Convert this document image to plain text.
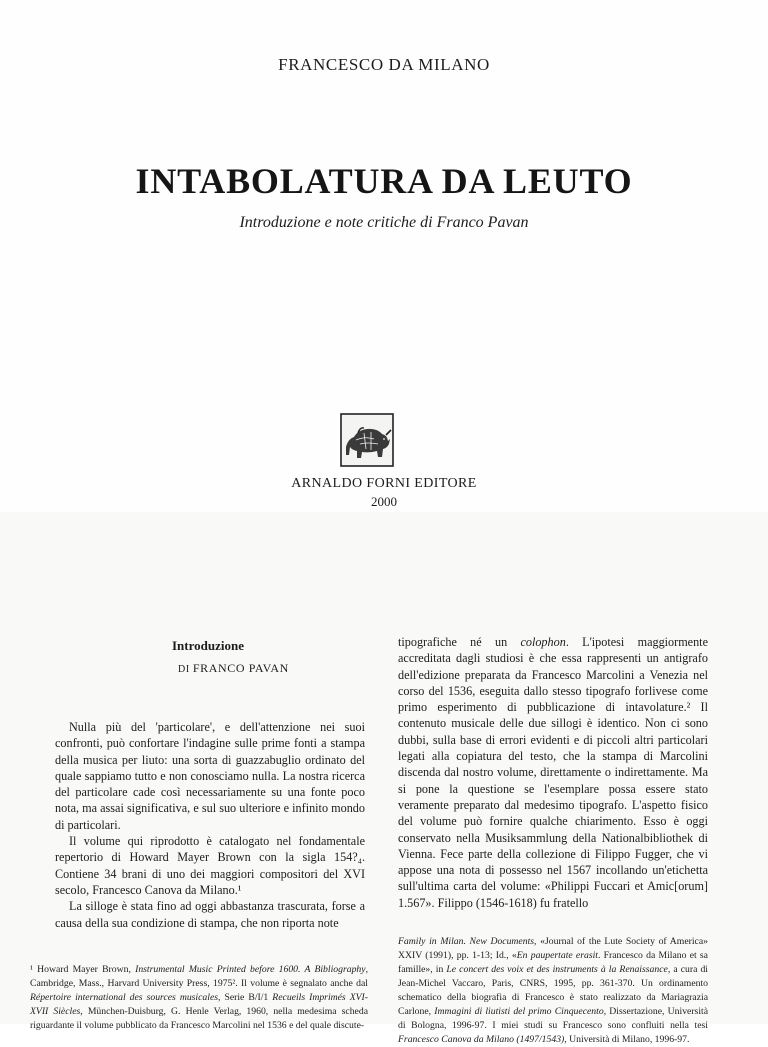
FRANCESCO DA MILANO
INTABOLATURA DA LEUTO
Introduzione e note critiche di Franco Pavan
ARNALDO FORNI EDITORE
2000
Introduzione
DI FRANCO PAVAN

Nulla più del 'particolare', e dell'attenzione nei suoi confronti, può confortare l'indagine sulle prime fonti a stampa della musica per liuto: una sorta di guazzabuglio ordinato del quale sappiamo tutto e non conosciamo nulla. La nostra ricerca del particolare cade così necessariamente su una fonte poco nota, ma assai significativa, e sul suo ulteriore e infinito mondo di particolari.

Il volume qui riprodotto è catalogato nel fondamentale repertorio di Howard Mayer Brown con la sigla 154?₄. Contiene 34 brani di uno dei maggiori compositori del XVI secolo, Francesco Canova da Milano.¹

La silloge è stata fino ad oggi abbastanza trascurata, forse a causa della sua condizione di stampa, che non riporta note

tipografiche né un colophon. L'ipotesi maggiormente accreditata dagli studiosi è che essa rappresenti un antigrafo dell'edizione preparata da Francesco Marcolini a Venezia nel corso del 1536, eseguita dallo stesso tipografo forlivese come primo esperimento di pubblicazione di intavolature.² Il contenuto musicale delle due sillogi è identico. Non ci sono dubbi, sulla base di errori evidenti e di piccoli altri particolari legati alla copiatura del testo, che la stampa di Marcolini discenda dal nostro volume, direttamente o indirettamente. Ma si pone la questione se l'esemplare possa essere stato veramente preparato dal medesimo tipografo. L'aspetto fisico del volume può fornire qualche chiarimento. Esso è oggi conservato nella Musiksammlung della Nationalbibliothek di Vienna. Fece parte della collezione di Filippo Fugger, che vi appose una nota di possesso nel 1567 incollando un'etichetta sull'ultima carta del volume: «Philippi Fuccari et Amic[orum] 1.567». Filippo (1546-1618) fu fratello

¹ Howard Mayer Brown, Instrumental Music Printed before 1600. A Bibliography, Cambridge, Mass., Harvard University Press, 1975². Il volume è segnalato anche dal Répertoire international des sources musicales, Serie B/I/1 Recueils Imprimés XVI-XVII Siècles, München-Duisburg, G. Henle Verlag, 1960, nella medesima scheda riguardante il volume pubblicato da Francesco Marcolini nel 1536 e del quale discute-
Family in Milan. New Documents, «Journal of the Lute Society of America» XXIV (1991), pp. 1-13; Id., «En paupertate erasit. Francesco da Milano et sa famille», in Le concert des voix et des instruments à la Renaissance, a cura di Jean-Michel Vaccaro, Paris, CNRS, 1995, pp. 361-370. Un ordinamento schematico della biografia di Francesco è stato realizzato da Mariagrazia Carlone, Immagini di liutisti del primo Cinquecento, Dissertazione, Università di Bologna, 1996-97. I miei studi su Francesco sono confluiti nella tesi Francesco Canova da Milano (1497/1543), Università di Milano, 1996-97.
